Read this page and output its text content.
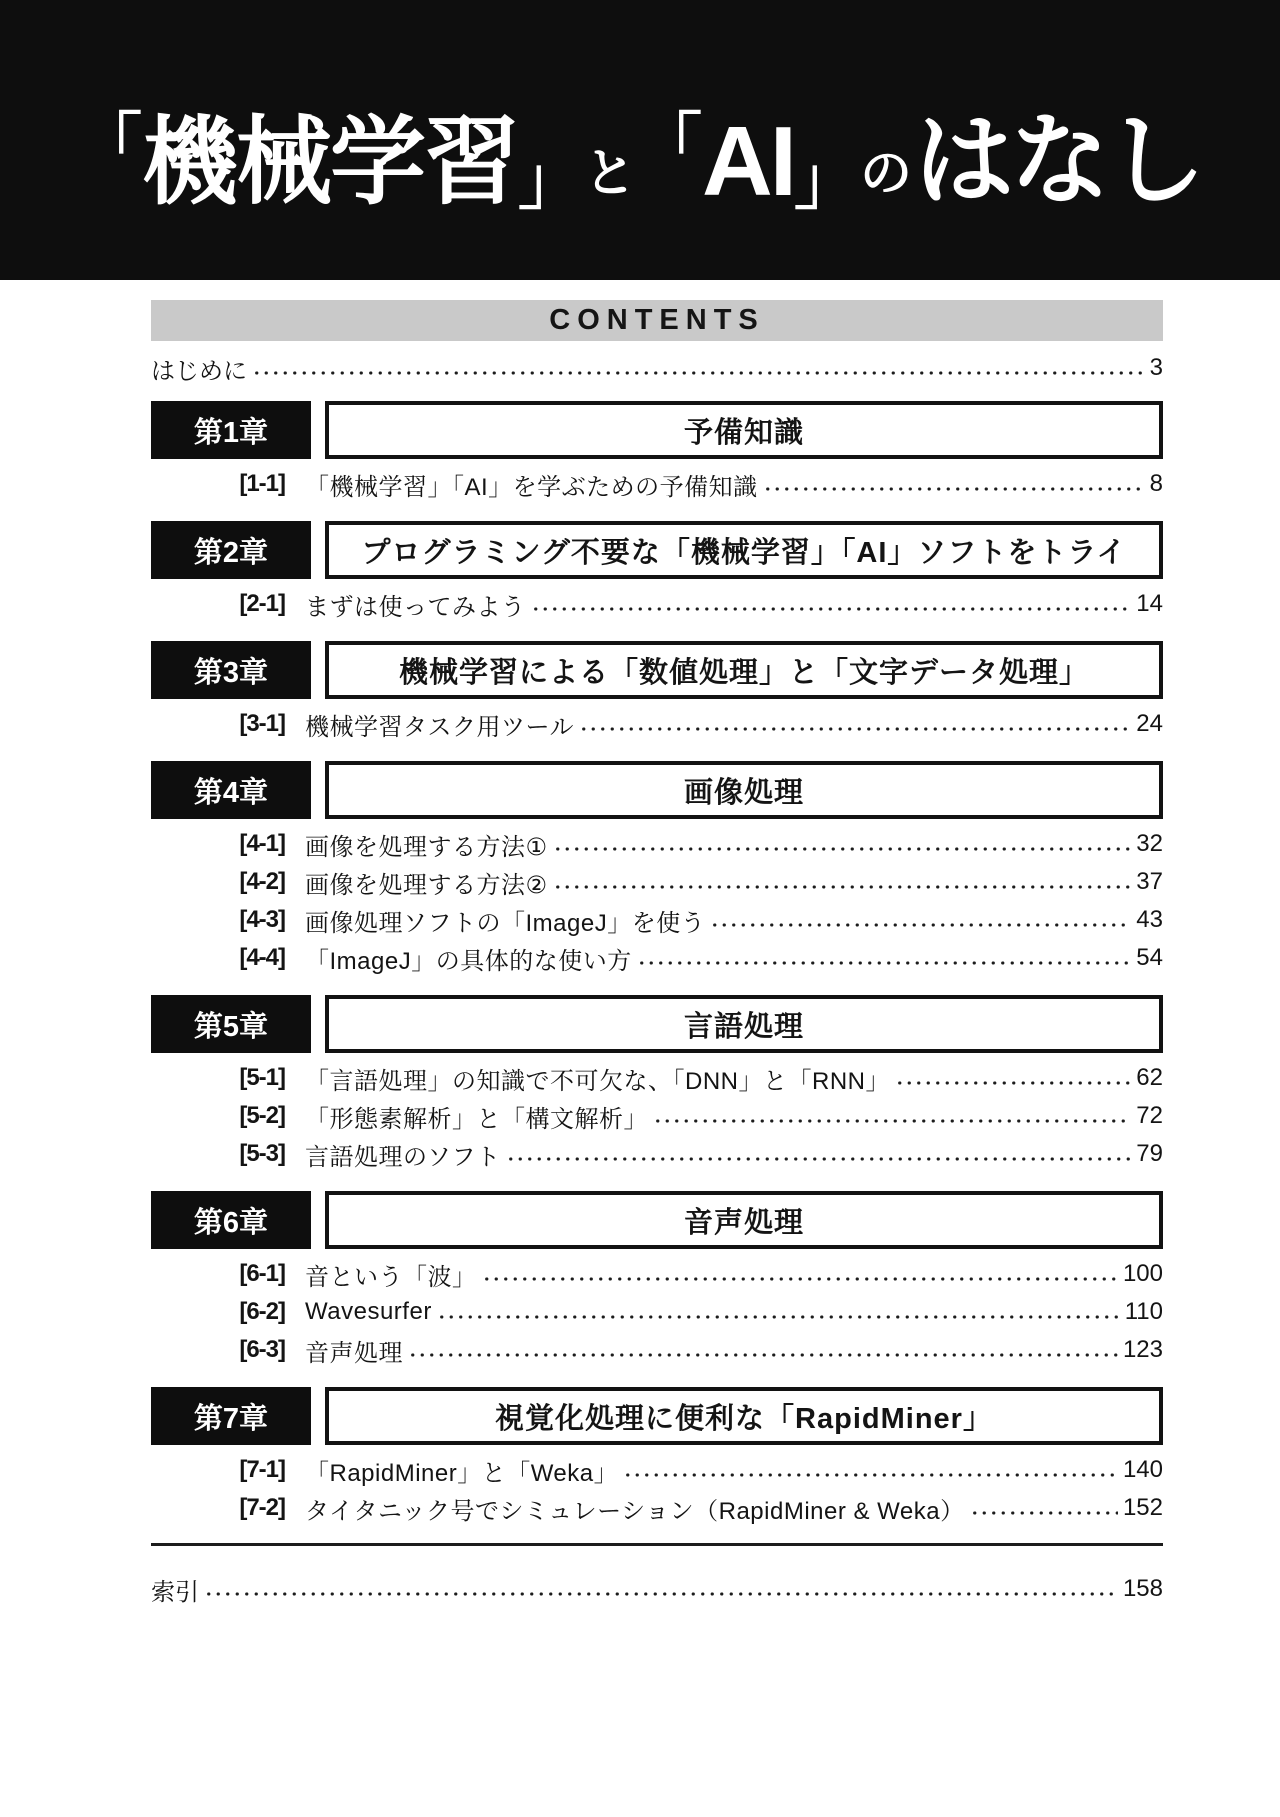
「機械学習」と「AI」のはなし
CONTENTS
はじめに	3
第1章	予備知識
[1-1] 「機械学習」「AI」を学ぶための予備知識	8
第2章	プログラミング不要な「機械学習」「AI」ソフトをトライ
[2-1] まずは使ってみよう	14
第3章	機械学習による「数値処理」と「文字データ処理」
[3-1] 機械学習タスク用ツール	24
第4章	画像処理
[4-1] 画像を処理する方法①	32
[4-2] 画像を処理する方法②	37
[4-3] 画像処理ソフトの「ImageJ」を使う	43
[4-4] 「ImageJ」の具体的な使い方	54
第5章	言語処理
[5-1] 「言語処理」の知識で不可欠な、「DNN」と「RNN」	62
[5-2] 「形態素解析」と「構文解析」	72
[5-3] 言語処理のソフト	79
第6章	音声処理
[6-1] 音という「波」	100
[6-2] Wavesurfer	110
[6-3] 音声処理	123
第7章	視覚化処理に便利な「RapidMiner」
[7-1] 「RapidMiner」と「Weka」	140
[7-2] タイタニック号でシミュレーション（RapidMiner & Weka）	152
索引	158
